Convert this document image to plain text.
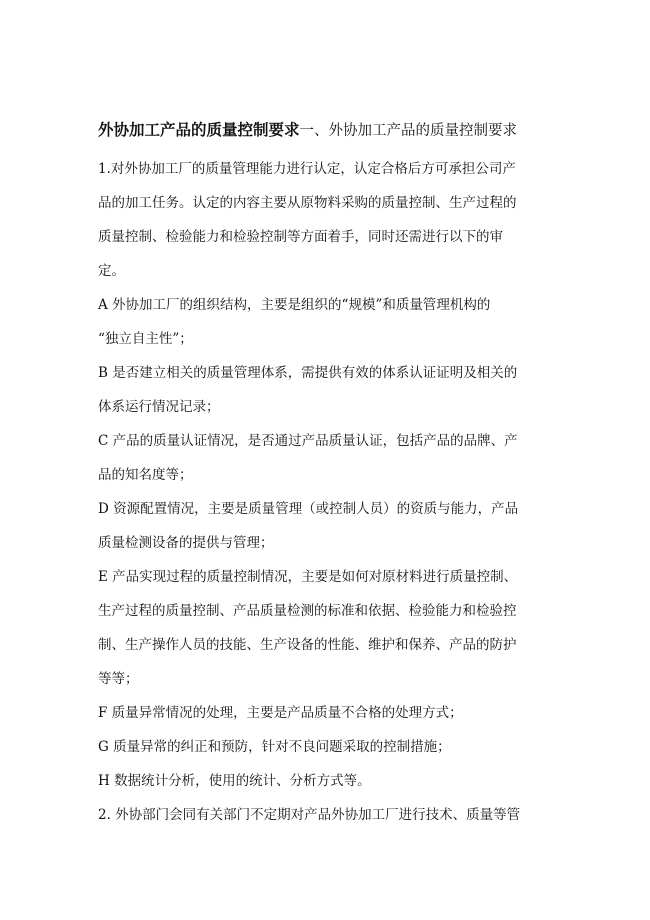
外协加工产品的质量控制要求一、外协加工产品的质量控制要求

1.对外协加工厂的质量管理能力进行认定，认定合格后方可承担公司产

品的加工任务。认定的内容主要从原物料采购的质量控制、生产过程的

质量控制、检验能力和检验控制等方面着手，同时还需进行以下的审

定。

A 外协加工厂的组织结构，主要是组织的“规模”和质量管理机构的

“独立自主性”；

B 是否建立相关的质量管理体系，需提供有效的体系认证证明及相关的

体系运行情况记录；

C 产品的质量认证情况，是否通过产品质量认证，包括产品的品牌、产

品的知名度等；

D 资源配置情况，主要是质量管理（或控制人员）的资质与能力，产品

质量检测设备的提供与管理；

E 产品实现过程的质量控制情况，主要是如何对原材料进行质量控制、

生产过程的质量控制、产品质量检测的标准和依据、检验能力和检验控

制、生产操作人员的技能、生产设备的性能、维护和保养、产品的防护

等等；

F 质量异常情况的处理，主要是产品质量不合格的处理方式；

G 质量异常的纠正和预防，针对不良问题采取的控制措施；

H 数据统计分析，使用的统计、分析方式等。

2. 外协部门会同有关部门不定期对产品外协加工厂进行技术、质量等管
